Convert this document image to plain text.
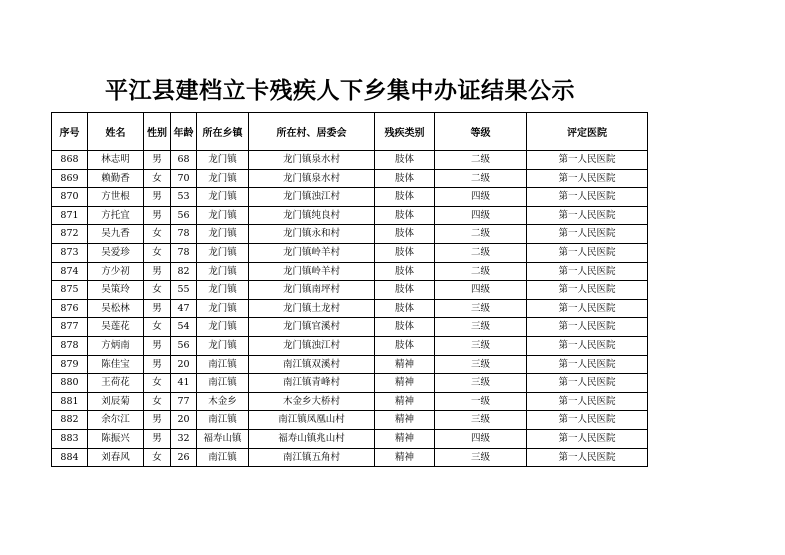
平江县建档立卡残疾人下乡集中办证结果公示
序号	姓名	性别	年龄	所在乡镇	所在村、居委会	残疾类别	等级	评定医院
868	林志明	男	68	龙门镇	龙门镇泉水村	肢体	二级	第一人民医院
869	赖勤香	女	70	龙门镇	龙门镇泉水村	肢体	二级	第一人民医院
870	方世根	男	53	龙门镇	龙门镇浊江村	肢体	四级	第一人民医院
871	方托宜	男	56	龙门镇	龙门镇纯良村	肢体	四级	第一人民医院
872	吴九香	女	78	龙门镇	龙门镇永和村	肢体	二级	第一人民医院
873	吴爱珍	女	78	龙门镇	龙门镇岭羊村	肢体	二级	第一人民医院
874	方少初	男	82	龙门镇	龙门镇岭羊村	肢体	二级	第一人民医院
875	吴策玲	女	55	龙门镇	龙门镇南坪村	肢体	四级	第一人民医院
876	吴松林	男	47	龙门镇	龙门镇土龙村	肢体	三级	第一人民医院
877	吴莲花	女	54	龙门镇	龙门镇官溪村	肢体	三级	第一人民医院
878	方炳南	男	56	龙门镇	龙门镇浊江村	肢体	三级	第一人民医院
879	陈佳宝	男	20	南江镇	南江镇双溪村	精神	三级	第一人民医院
880	王荷花	女	41	南江镇	南江镇青峰村	精神	三级	第一人民医院
881	刘辰菊	女	77	木金乡	木金乡大桥村	精神	一级	第一人民医院
882	余尔江	男	20	南江镇	南江镇凤凰山村	精神	三级	第一人民医院
883	陈振兴	男	32	福寿山镇	福寿山镇兆山村	精神	四级	第一人民医院
884	刘春风	女	26	南江镇	南江镇五角村	精神	三级	第一人民医院
